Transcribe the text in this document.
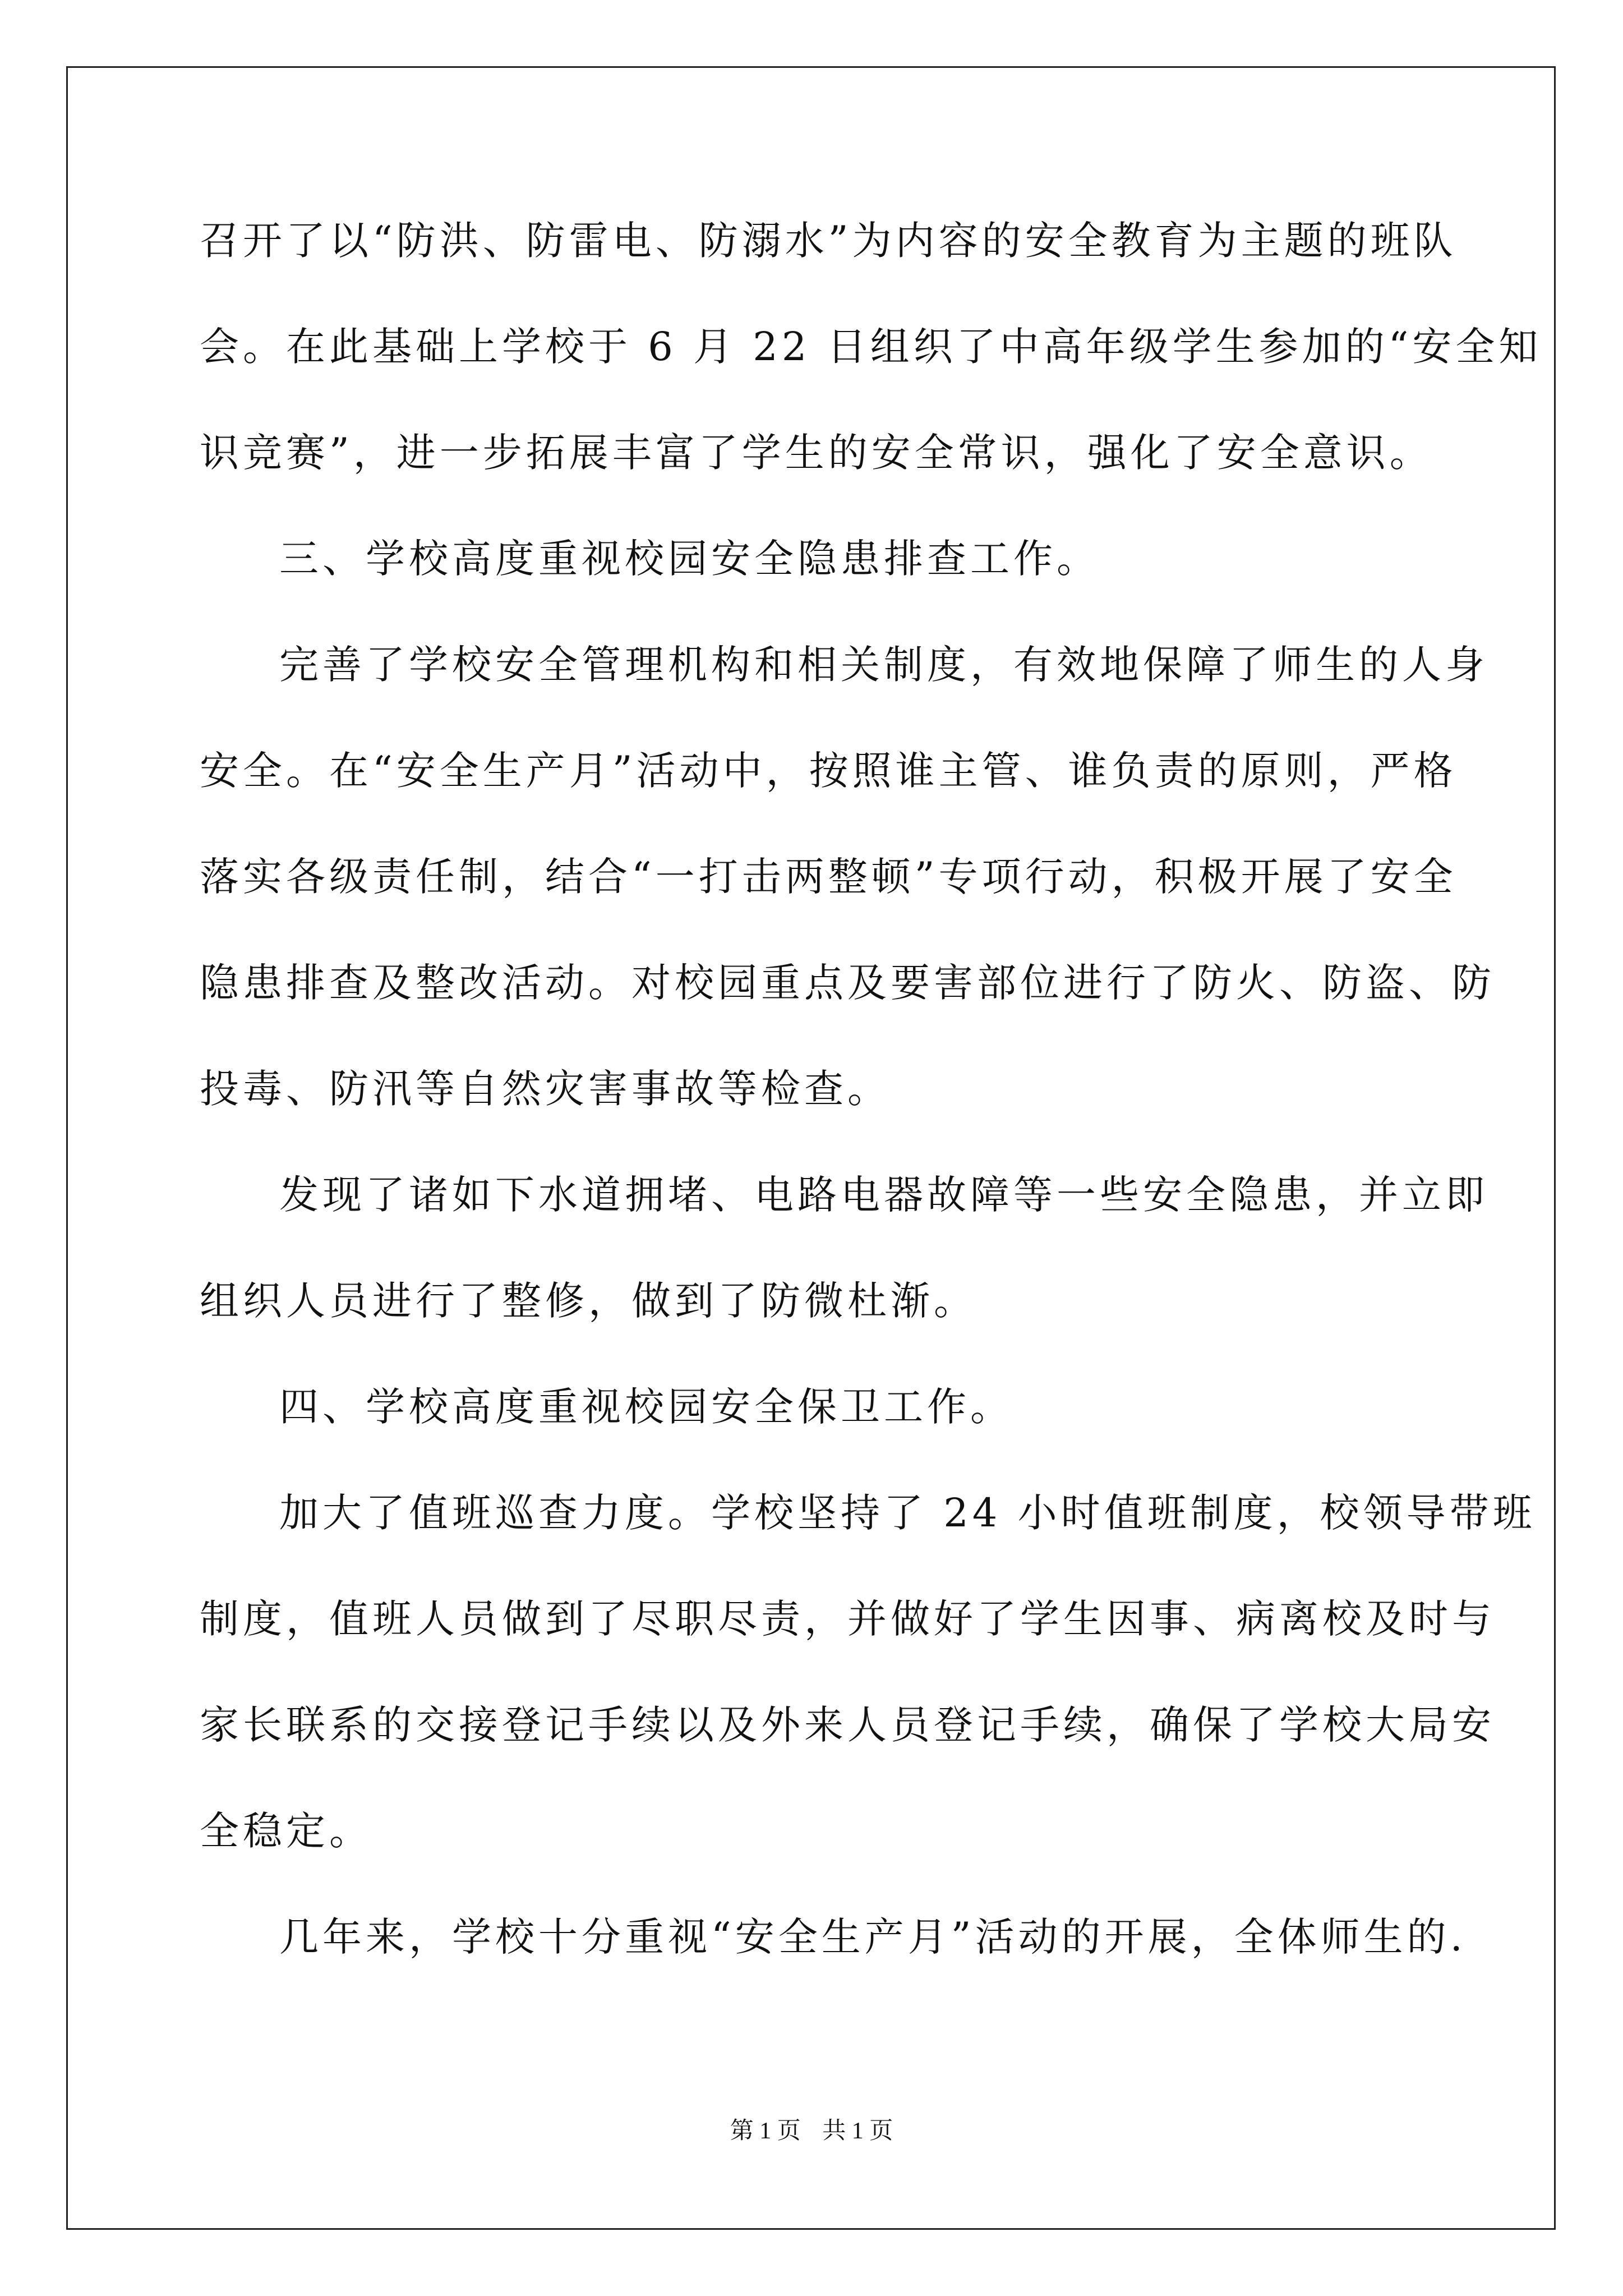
召开了以“防洪、防雷电、防溺水”为内容的安全教育为主题的班队
会。在此基础上学校于 6 月 22 日组织了中高年级学生参加的“安全知
识竞赛”，进一步拓展丰富了学生的安全常识，强化了安全意识。
三、学校高度重视校园安全隐患排查工作。
完善了学校安全管理机构和相关制度，有效地保障了师生的人身
安全。在“安全生产月”活动中，按照谁主管、谁负责的原则，严格
落实各级责任制，结合“一打击两整顿”专项行动，积极开展了安全
隐患排查及整改活动。对校园重点及要害部位进行了防火、防盗、防
投毒、防汛等自然灾害事故等检查。
发现了诸如下水道拥堵、电路电器故障等一些安全隐患，并立即
组织人员进行了整修，做到了防微杜渐。
四、学校高度重视校园安全保卫工作。
加大了值班巡查力度。学校坚持了 24 小时值班制度，校领导带班
制度，值班人员做到了尽职尽责，并做好了学生因事、病离校及时与
家长联系的交接登记手续以及外来人员登记手续，确保了学校大局安
全稳定。
几年来，学校十分重视“安全生产月”活动的开展，全体师生的.
第 1 页 共 1 页
